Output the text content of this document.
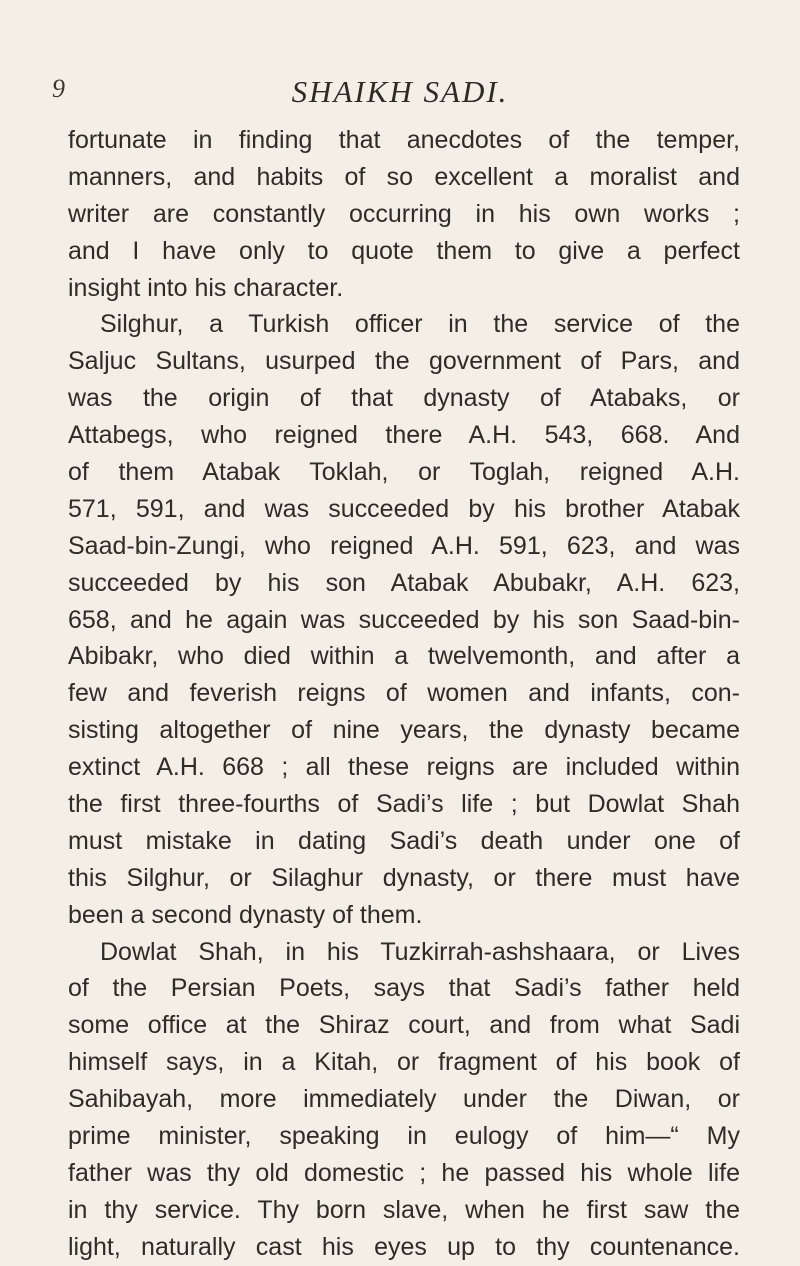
9	SHAIKH SADI.
fortunate in finding that anecdotes of the temper,
manners, and habits of so excellent a moralist and
writer are constantly occurring in his own works ;
and I have only to quote them to give a perfect
insight into his character.
Silghur, a Turkish officer in the service of the
Saljuc Sultans, usurped the government of Pars, and
was the origin of that dynasty of Atabaks, or
Attabegs, who reigned there A.H. 543, 668. And
of them Atabak Toklah, or Toglah, reigned A.H.
571, 591, and was succeeded by his brother Atabak
Saad-bin-Zungi, who reigned A.H. 591, 623, and was
succeeded by his son Atabak Abubakr, A.H. 623,
658, and he again was succeeded by his son Saad-bin-
Abibakr, who died within a twelvemonth, and after a
few and feverish reigns of women and infants, con-
sisting altogether of nine years, the dynasty became
extinct A.H. 668 ; all these reigns are included within
the first three-fourths of Sadi’s life ; but Dowlat Shah
must mistake in dating Sadi’s death under one of
this Silghur, or Silaghur dynasty, or there must have
been a second dynasty of them.
Dowlat Shah, in his Tuzkirrah-ashshaara, or Lives
of the Persian Poets, says that Sadi’s father held
some office at the Shiraz court, and from what Sadi
himself says, in a Kitah, or fragment of his book of
Sahibayah, more immediately under the Diwan, or
prime minister, speaking in eulogy of him—“ My
father was thy old domestic ; he passed his whole life
in thy service. Thy born slave, when he first saw the
light, naturally cast his eyes up to thy countenance.
